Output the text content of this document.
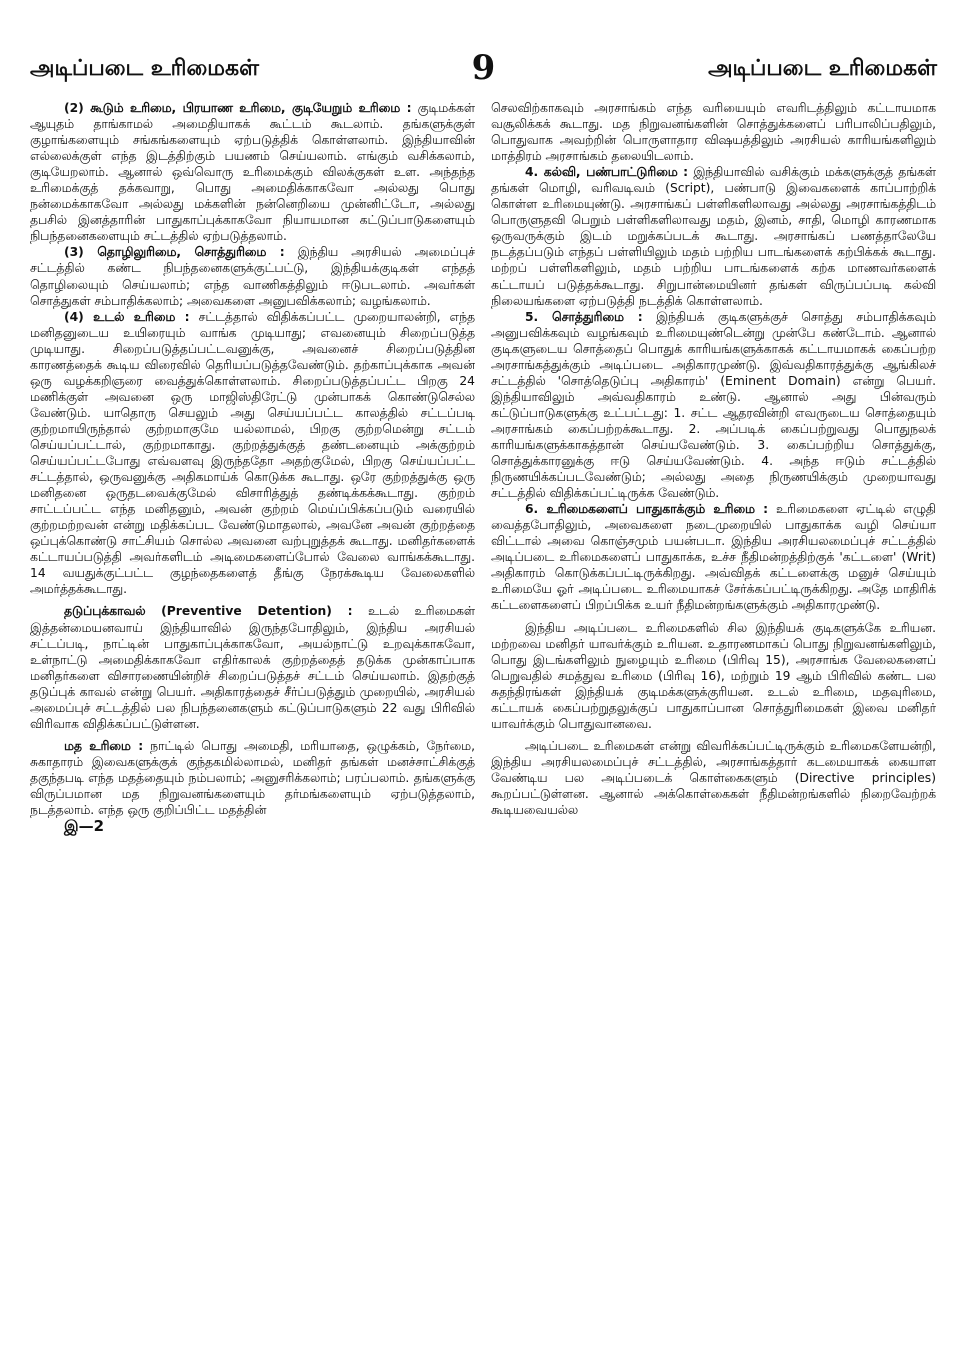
அடிப்படை உரிமைகள்	9	அடிப்படை உரிமைகள்

(2) கூடும் உரிமை, பிரயாண உரிமை, குடியேறும் உரிமை : குடிமக்கள் ஆயுதம் தாங்காமல் அமைதியாகக் கூட்டம் கூடலாம். தங்களுக்குள் குழாங்களையும் சங்கங்களையும் ஏற்படுத்திக் கொள்ளலாம். இந்தியாவின் எல்லைக்குள் எந்த இடத்திற்கும் பயணம் செய்யலாம். எங்கும் வசிக்கலாம், குடியேறலாம். ஆனால் ஒவ்வொரு உரிமைக்கும் விலக்குகள் உள. அந்தந்த உரிமைக்குத் தக்கவாறு, பொது அமைதிக்காகவோ அல்லது பொது நன்மைக்காகவோ அல்லது மக்களின் நன்னெறியை முன்னிட்டோ, அல்லது தபசில் இனத்தாரின் பாதுகாப்புக்காகவோ நியாயமான கட்டுப்பாடுகளையும் நிபந்தனைகளையும் சட்டத்தில் ஏற்படுத்தலாம்.

(3) தொழிலுரிமை, சொத்துரிமை : இந்திய அரசியல் அமைப்புச் சட்டத்தில் கண்ட நிபந்தனைகளுக்குட்பட்டு, இந்தியக்குடிகள் எந்தத் தொழிலையும் செய்யலாம்; எந்த வாணிகத்திலும் ஈடுபடலாம். அவர்கள் சொத்துகள் சம்பாதிக்கலாம்; அவைகளை அனுபவிக்கலாம்; வழங்கலாம்.

(4) உடல் உரிமை : சட்டத்தால் விதிக்கப்பட்ட முறையாலன்றி, எந்த மனிதனுடைய உயிரையும் வாங்க முடியாது; எவனையும் சிறைப்படுத்த முடியாது. சிறைப்படுத்தப்பட்டவனுக்கு, அவனைச் சிறைப்படுத்தின காரணத்தைக் கூடிய விரைவில் தெரியப்படுத்தவேண்டும். தற்காப்புக்காக அவன் ஒரு வழக்கறிஞரை வைத்துக்கொள்ளலாம். சிறைப்படுத்தப்பட்ட பிறகு 24 மணிக்குள் அவனை ஒரு மாஜிஸ்திரேட்டு முன்பாகக் கொண்டுசெல்ல வேண்டும். யாதொரு செயலும் அது செய்யப்பட்ட காலத்தில் சட்டப்படி குற்றமாயிருந்தால் குற்றமாகுமே யல்லாமல், பிறகு குற்றமென்று சட்டம் செய்யப்பட்டால், குற்றமாகாது. குற்றத்துக்குத் தண்டனையும் அக்குற்றம் செய்யப்பட்டபோது எவ்வளவு இருந்ததோ அதற்குமேல், பிறகு செய்யப்பட்ட சட்டத்தால், ஒருவனுக்கு அதிகமாய்க் கொடுக்க கூடாது. ஒரே குற்றத்துக்கு ஒரு மனிதனை ஒருதடவைக்குமேல் விசாரித்துத் தண்டிக்கக்கூடாது. குற்றம் சாட்டப்பட்ட எந்த மனிதனும், அவன் குற்றம் மெய்ப்பிக்கப்படும் வரையில் குற்றமற்றவன் என்று மதிக்கப்பட வேண்டுமாதலால், அவனே அவன் குற்றத்தை ஒப்புக்கொண்டு சாட்சியம் சொல்ல அவனை வற்புறுத்தக் கூடாது. மனிதர்களைக் கட்டாயப்படுத்தி அவர்களிடம் அடிமைகளைப்போல் வேலை வாங்கக்கூடாது. 14 வயதுக்குட்பட்ட குழந்தைகளைத் தீங்கு நேரக்கூடிய வேலைகளில் அமர்த்தக்கூடாது.

தடுப்புக்காவல் (Preventive Detention) : உடல் உரிமைகள் இத்தன்மையனவாய் இந்தியாவில் இருந்தபோதிலும், இந்திய அரசியல் சட்டப்படி, நாட்டின் பாதுகாப்புக்காகவோ, அயல்நாட்டு உறவுக்காகவோ, உள்நாட்டு அமைதிக்காகவோ எதிர்காலக் குற்றத்தைத் தடுக்க முன்காப்பாக மனிதர்களை விசாரணையின்றிச் சிறைப்படுத்தச் சட்டம் செய்யலாம். இதற்குத் தடுப்புக் காவல் என்று பெயர். அதிகாரத்தைச் சீர்ப்படுத்தும் முறையில், அரசியல் அமைப்புச் சட்டத்தில் பல நிபந்தனைகளும் கட்டுப்பாடுகளும் 22 வது பிரிவில் விரிவாக விதிக்கப்பட்டுள்ளன.

மத உரிமை : நாட்டில் பொது அமைதி, மரியாதை, ஒழுக்கம், நேர்மை, சுகாதாரம் இவைகளுக்குக் குந்தகமில்லாமல், மனிதர் தங்கள் மனச்சாட்சிக்குத் தகுந்தபடி எந்த மதத்தையும் நம்பலாம்; அனுசரிக்கலாம்; பரப்பலாம். தங்களுக்கு விருப்பமான மத நிறுவனங்களையும் தர்மங்களையும் ஏற்படுத்தலாம், நடத்தலாம். எந்த ஒரு குறிப்பிட்ட மதத்தின்

இ—2

செலவிற்காகவும் அரசாங்கம் எந்த வரியையும் எவரிடத்திலும் கட்டாயமாக வசூலிக்கக் கூடாது. மத நிறுவனங்களின் சொத்துக்களைப் பரிபாலிப்பதிலும், பொதுவாக அவற்றின் பொருளாதார விஷயத்திலும் அரசியல் காரியங்களிலும் மாத்திரம் அரசாங்கம் தலையிடலாம்.

4. கல்வி, பண்பாட்டுரிமை : இந்தியாவில் வசிக்கும் மக்களுக்குத் தங்கள் தங்கள் மொழி, வரிவடிவம் (Script), பண்பாடு இவைகளைக் காப்பாற்றிக் கொள்ள உரிமையுண்டு. அரசாங்கப் பள்ளிகளிலாவது அல்லது அரசாங்கத்திடம் பொருளுதவி பெறும் பள்ளிகளிலாவது மதம், இனம், சாதி, மொழி காரணமாக ஒருவருக்கும் இடம் மறுக்கப்படக் கூடாது. அரசாங்கப் பணத்தாலேயே நடத்தப்படும் எந்தப் பள்ளியிலும் மதம் பற்றிய பாடங்களைக் கற்பிக்கக் கூடாது. மற்றப் பள்ளிகளிலும், மதம் பற்றிய பாடங்களைக் கற்க மாணவர்களைக் கட்டாயப் படுத்தக்கூடாது. சிறுபான்மையினர் தங்கள் விருப்பப்படி கல்வி நிலையங்களை ஏற்படுத்தி நடத்திக் கொள்ளலாம்.

5. சொத்துரிமை : இந்தியக் குடிகளுக்குச் சொத்து சம்பாதிக்கவும் அனுபவிக்கவும் வழங்கவும் உரிமையுண்டென்று முன்பே கண்டோம். ஆனால் குடிகளுடைய சொத்தைப் பொதுக் காரியங்களுக்காகக் கட்டாயமாகக் கைப்பற்ற அரசாங்கத்துக்கும் அடிப்படை அதிகாரமுண்டு. இவ்வதிகாரத்துக்கு ஆங்கிலச் சட்டத்தில் 'சொத்தெடுப்பு அதிகாரம்' (Eminent Domain) என்று பெயர். இந்தியாவிலும் அவ்வதிகாரம் உண்டு. ஆனால் அது பின்வரும் கட்டுப்பாடுகளுக்கு உட்பட்டது: 1. சட்ட ஆதரவின்றி எவருடைய சொத்தையும் அரசாங்கம் கைப்பற்றக்கூடாது. 2. அப்படிக் கைப்பற்றுவது பொதுநலக் காரியங்களுக்காகத்தான் செய்யவேண்டும். 3. கைப்பற்றிய சொத்துக்கு, சொத்துக்காரனுக்கு ஈடு செய்யவேண்டும். 4. அந்த ஈடும் சட்டத்தில் நிருணயிக்கப்படவேண்டும்; அல்லது அதை நிருணயிக்கும் முறையாவது சட்டத்தில் விதிக்கப்பட்டிருக்க வேண்டும்.

6. உரிமைகளைப் பாதுகாக்கும் உரிமை : உரிமைகளை ஏட்டில் எழுதி வைத்தபோதிலும், அவைகளை நடைமுறையில் பாதுகாக்க வழி செய்யா விட்டால் அவை கொஞ்சமும் பயன்படா. இந்திய அரசியலமைப்புச் சட்டத்தில் அடிப்படை உரிமைகளைப் பாதுகாக்க, உச்ச நீதிமன்றத்திற்குக் 'கட்டளை' (Writ) அதிகாரம் கொடுக்கப்பட்டிருக்கிறது. அவ்விதக் கட்டளைக்கு மனுச் செய்யும் உரிமையே ஓர் அடிப்படை உரிமையாகச் சேர்க்கப்பட்டிருக்கிறது. அதே மாதிரிக் கட்டளைகளைப் பிறப்பிக்க உயர் நீதிமன்றங்களுக்கும் அதிகாரமுண்டு.

இந்திய அடிப்படை உரிமைகளில் சில இந்தியக் குடிகளுக்கே உரியன. மற்றவை மனிதர் யாவர்க்கும் உரியன. உதாரணமாகப் பொது நிறுவனங்களிலும், பொது இடங்களிலும் நுழையும் உரிமை (பிரிவு 15), அரசாங்க வேலைகளைப் பெறுவதில் சமத்துவ உரிமை (பிரிவு 16), மற்றும் 19 ஆம் பிரிவில் கண்ட பல சுதந்திரங்கள் இந்தியக் குடிமக்களுக்குரியன. உடல் உரிமை, மதவுரிமை, கட்டாயக் கைப்பற்றுதலுக்குப் பாதுகாப்பான சொத்துரிமைகள் இவை மனிதர் யாவர்க்கும் பொதுவானவை.

அடிப்படை உரிமைகள் என்று விவரிக்கப்பட்டிருக்கும் உரிமைகளேயன்றி, இந்திய அரசியலமைப்புச் சட்டத்தில், அரசாங்கத்தார் கடமையாகக் கையாள வேண்டிய பல அடிப்படைக் கொள்கைகளும் (Directive principles) கூறப்பட்டுள்ளன. ஆனால் அக்கொள்கைகள் நீதிமன்றங்களில் நிறைவேற்றக் கூடியவையல்ல
